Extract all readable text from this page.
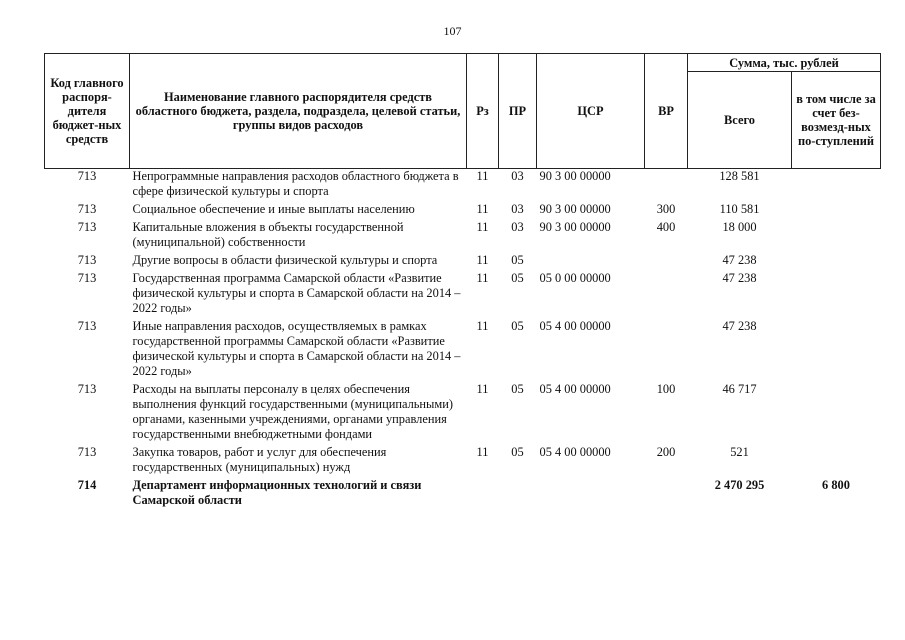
107
Код главного распоря-дителя бюджет-ных средств	Наименование главного распорядителя средств областного бюджета, раздела, подраздела, целевой статьи, группы видов расходов	Рз	ПР	ЦСР	ВР	Сумма, тыс. рублей	
						Всего	в том числе за счет без-возмезд-ных по-ступлений
713	Непрограммные направления расходов областного бюджета в сфере физической культуры и спорта	11	03	90 3 00 00000		128 581	
713	Социальное обеспечение и иные выплаты населению	11	03	90 3 00 00000	300	110 581	
713	Капитальные вложения в объекты государственной (муниципальной) собственности	11	03	90 3 00 00000	400	18 000	
713	Другие вопросы в области физической культуры и спорта	11	05			47 238	
713	Государственная программа Самарской области «Развитие физической культуры и спорта в Самарской области на 2014 – 2022 годы»	11	05	05 0 00 00000		47 238	
713	Иные направления расходов, осуществляемых в рамках государственной программы Самарской области «Развитие физической культуры и спорта в Самарской области на 2014 – 2022 годы»	11	05	05 4 00 00000		47 238	
713	Расходы на выплаты персоналу в целях обеспечения выполнения функций государственными (муниципальными) органами, казенными учреждениями, органами управления государственными внебюджетными фондами	11	05	05 4 00 00000	100	46 717	
713	Закупка товаров, работ и услуг для обеспечения государственных (муниципальных) нужд	11	05	05 4 00 00000	200	521	
714	Департамент информационных технологий и связи Самарской области					2 470 295	6 800
